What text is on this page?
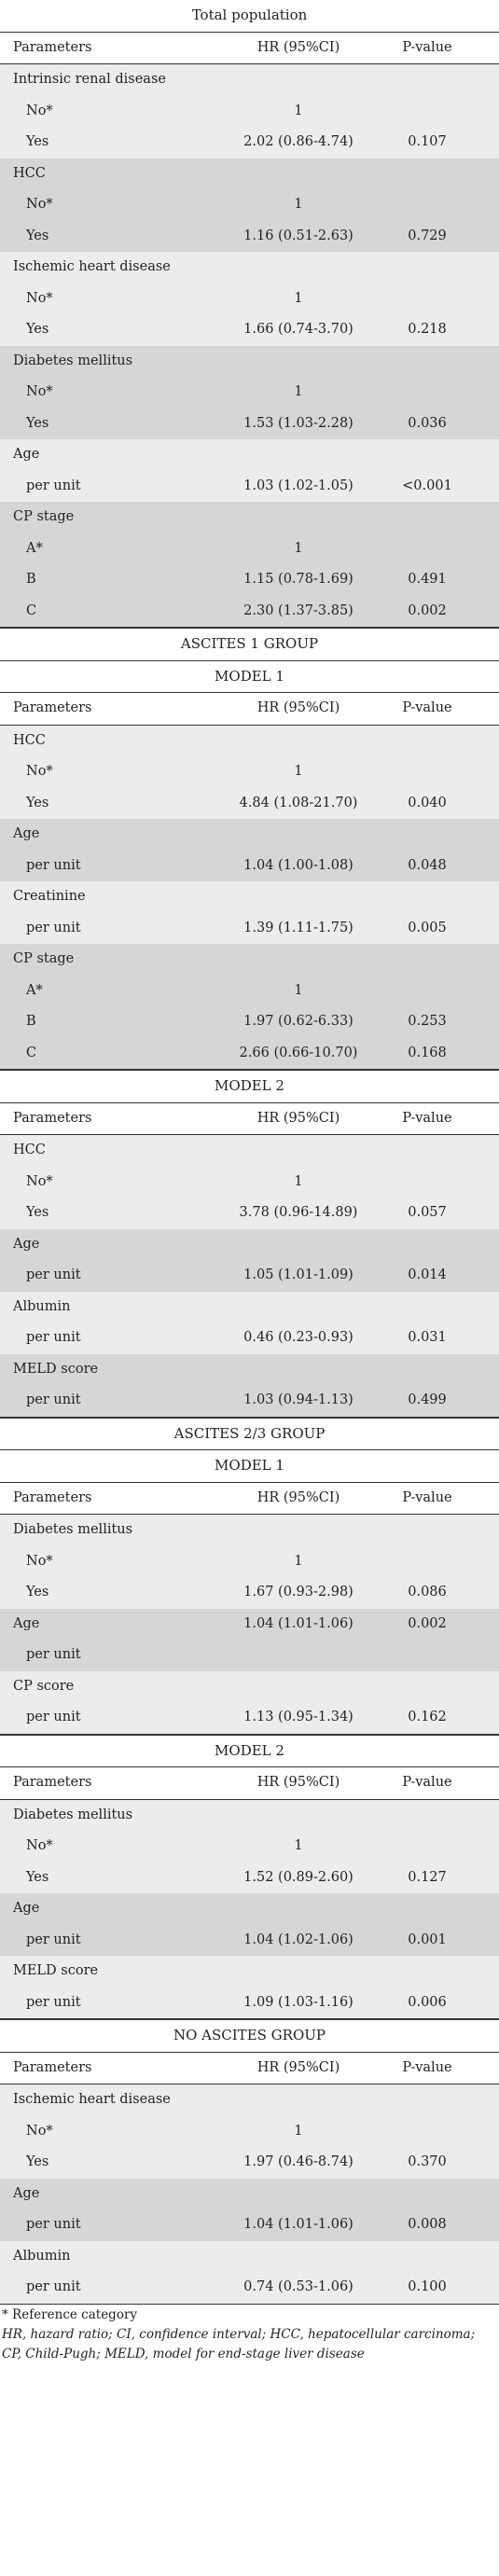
Total population
Parameters	HR (95%CI)	P-value
Intrinsic renal disease
No*	1
Yes	2.02 (0.86-4.74)	0.107
HCC
No*	1
Yes	1.16 (0.51-2.63)	0.729
Ischemic heart disease
No*	1
Yes	1.66 (0.74-3.70)	0.218
Diabetes mellitus
No*	1
Yes	1.53 (1.03-2.28)	0.036
Age
per unit	1.03 (1.02-1.05)	<0.001
CP stage
A*	1
B	1.15 (0.78-1.69)	0.491
C	2.30 (1.37-3.85)	0.002
ASCITES 1 GROUP
MODEL 1
Parameters	HR (95%CI)	P-value
HCC
No*	1
Yes	4.84 (1.08-21.70)	0.040
Age
per unit	1.04 (1.00-1.08)	0.048
Creatinine
per unit	1.39 (1.11-1.75)	0.005
CP stage
A*	1
B	1.97 (0.62-6.33)	0.253
C	2.66 (0.66-10.70)	0.168
MODEL 2
Parameters	HR (95%CI)	P-value
HCC
No*	1
Yes	3.78 (0.96-14.89)	0.057
Age
per unit	1.05 (1.01-1.09)	0.014
Albumin
per unit	0.46 (0.23-0.93)	0.031
MELD score
per unit	1.03 (0.94-1.13)	0.499
ASCITES 2/3 GROUP
MODEL 1
Parameters	HR (95%CI)	P-value
Diabetes mellitus
No*	1
Yes	1.67 (0.93-2.98)	0.086
Age	1.04 (1.01-1.06)	0.002
per unit
CP score
per unit	1.13 (0.95-1.34)	0.162
MODEL 2
Parameters	HR (95%CI)	P-value
Diabetes mellitus
No*	1
Yes	1.52 (0.89-2.60)	0.127
Age
per unit	1.04 (1.02-1.06)	0.001
MELD score
per unit	1.09 (1.03-1.16)	0.006
NO ASCITES GROUP
Parameters	HR (95%CI)	P-value
Ischemic heart disease
No*	1
Yes	1.97 (0.46-8.74)	0.370
Age
per unit	1.04 (1.01-1.06)	0.008
Albumin
per unit	0.74 (0.53-1.06)	0.100
* Reference category
HR, hazard ratio; CI, confidence interval; HCC, hepatocellular carcinoma; CP, Child-Pugh; MELD, model for end-stage liver disease
